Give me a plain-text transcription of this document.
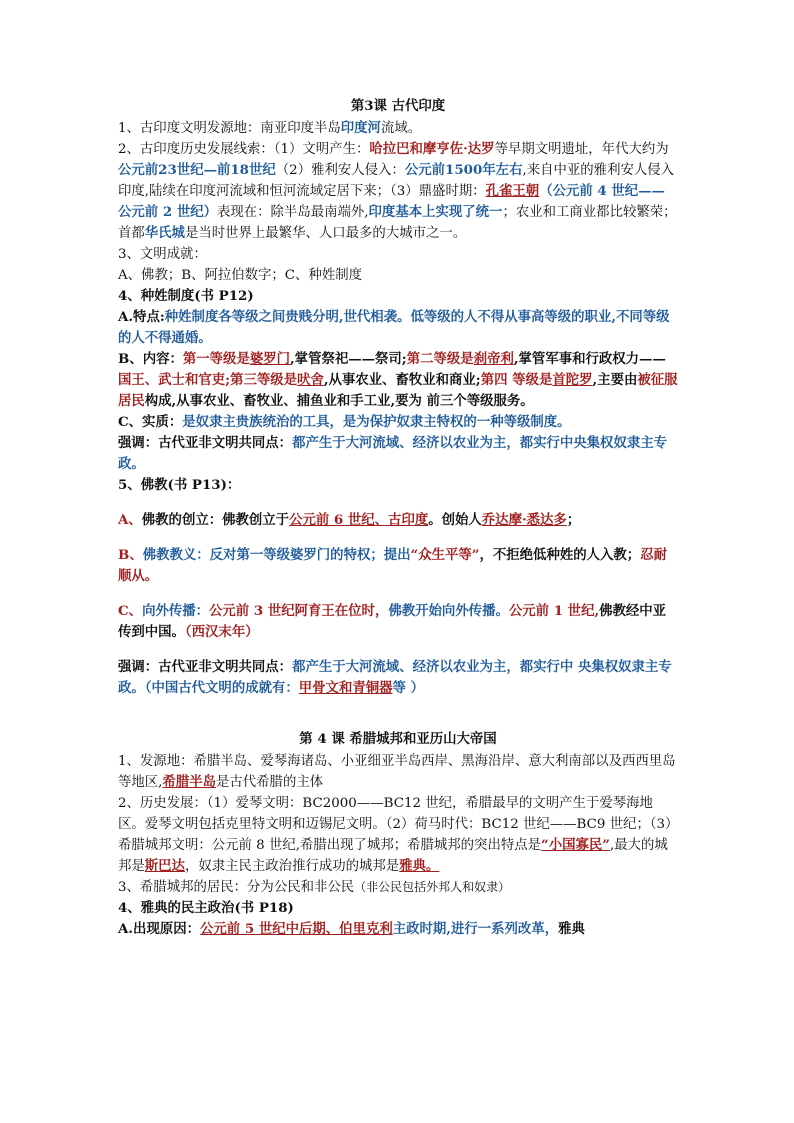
第3课 古代印度

1、古印度文明发源地：南亚印度半岛印度河流域。

2、古印度历史发展线索：（1）文明产生：哈拉巴和摩亨佐·达罗等早期文明遗址，年代大约为公元前23世纪—前18世纪（2）雅利安人侵入：公元前1500年左右,来自中亚的雅利安人侵入印度,陆续在印度河流域和恒河流域定居下来；（3）鼎盛时期：孔雀王朝（公元前 4 世纪——公元前 2 世纪）表现在：除半岛最南端外,印度基本上实现了统一；农业和工商业都比较繁荣；首都华氏城是当时世界上最繁华、人口最多的大城市之一。

3、文明成就：

A、佛教；B、阿拉伯数字；C、种姓制度

4、种姓制度(书 P12)

A.特点:种姓制度各等级之间贵贱分明,世代相袭。低等级的人不得从事高等级的职业,不同等级的人不得通婚。

B、内容：第一等级是婆罗门,掌管祭祀——祭司;第二等级是刹帝利,掌管军事和行政权力——国王、武士和官吏;第三等级是吠舍,从事农业、畜牧业和商业;第四 等级是首陀罗,主要由被征服居民构成,从事农业、畜牧业、捕鱼业和手工业,要为 前三个等级服务。

C、实质：是奴隶主贵族统治的工具，是为保护奴隶主特权的一种等级制度。

强调：古代亚非文明共同点：都产生于大河流域、经济以农业为主，都实行中央集权奴隶主专政。

5、佛教(书 P13)：

A、佛教的创立：佛教创立于公元前 6 世纪、古印度。创始人乔达摩·悉达多；

B、佛教教义：反对第一等级婆罗门的特权；提出“众生平等”，不拒绝低种姓的人入教；忍耐顺从。

C、向外传播：公元前 3 世纪阿育王在位时，佛教开始向外传播。公元前 1 世纪,佛教经中亚传到中国。（西汉末年）

强调：古代亚非文明共同点：都产生于大河流域、经济以农业为主，都实行中 央集权奴隶主专政。（中国古代文明的成就有：甲骨文和青铜器等 ）

第 4 课 希腊城邦和亚历山大帝国

1、发源地：希腊半岛、爱琴海诸岛、小亚细亚半岛西岸、黑海沿岸、意大利南部以及西西里岛等地区,希腊半岛是古代希腊的主体

2、历史发展：（1）爱琴文明：BC2000——BC12 世纪，希腊最早的文明产生于爱琴海地区。爱琴文明包括克里特文明和迈锡尼文明。（2）荷马时代：BC12 世纪——BC9 世纪；（3）希腊城邦文明：公元前 8 世纪,希腊出现了城邦；希腊城邦的突出特点是“小国寡民”,最大的城邦是斯巴达，奴隶主民主政治推行成功的城邦是雅典。

3、希腊城邦的居民：分为公民和非公民（非公民包括外邦人和奴隶）

4、雅典的民主政治(书 P18)

A.出现原因：公元前 5 世纪中后期、伯里克利主政时期,进行一系列改革，雅典
